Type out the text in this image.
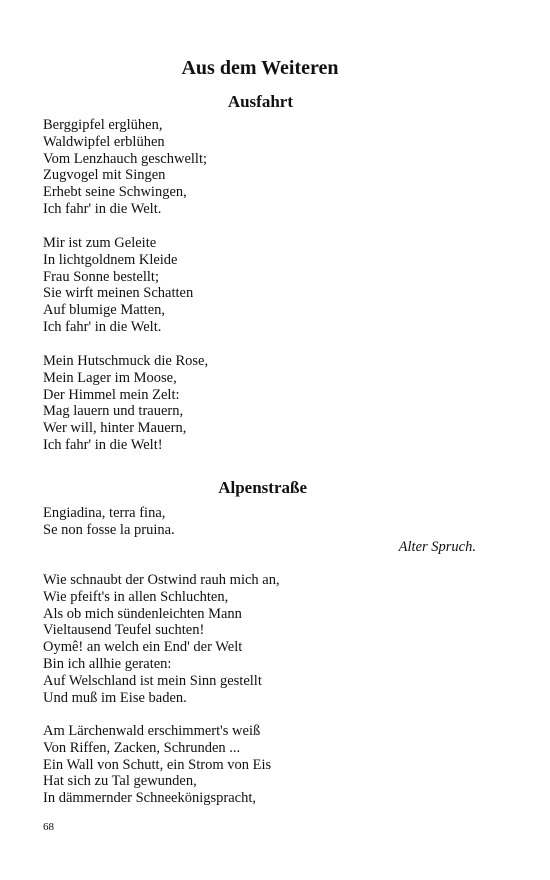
Aus dem Weiteren
Ausfahrt
Berggipfel erglühen,
Waldwipfel erblühen
Vom Lenzhauch geschwellt;
Zugvogel mit Singen
Erhebt seine Schwingen,
Ich fahr' in die Welt.
Mir ist zum Geleite
In lichtgoldnem Kleide
Frau Sonne bestellt;
Sie wirft meinen Schatten
Auf blumige Matten,
Ich fahr' in die Welt.
Mein Hutschmuck die Rose,
Mein Lager im Moose,
Der Himmel mein Zelt:
Mag lauern und trauern,
Wer will, hinter Mauern,
Ich fahr' in die Welt!
Alpenstraße
Engiadina, terra fina,
Se non fosse la pruina.

Alter Spruch.

Wie schnaubt der Ostwind rauh mich an,
Wie pfeift's in allen Schluchten,
Als ob mich sündenleichten Mann
Vieltausend Teufel suchten!
Oymê! an welch ein End' der Welt
Bin ich allhie geraten:
Auf Welschland ist mein Sinn gestellt
Und muß im Eise baden.
Am Lärchenwald erschimmert's weiß
Von Riffen, Zacken, Schrunden ...
Ein Wall von Schutt, ein Strom von Eis
Hat sich zu Tal gewunden,
In dämmernder Schneekönigspracht,

68
